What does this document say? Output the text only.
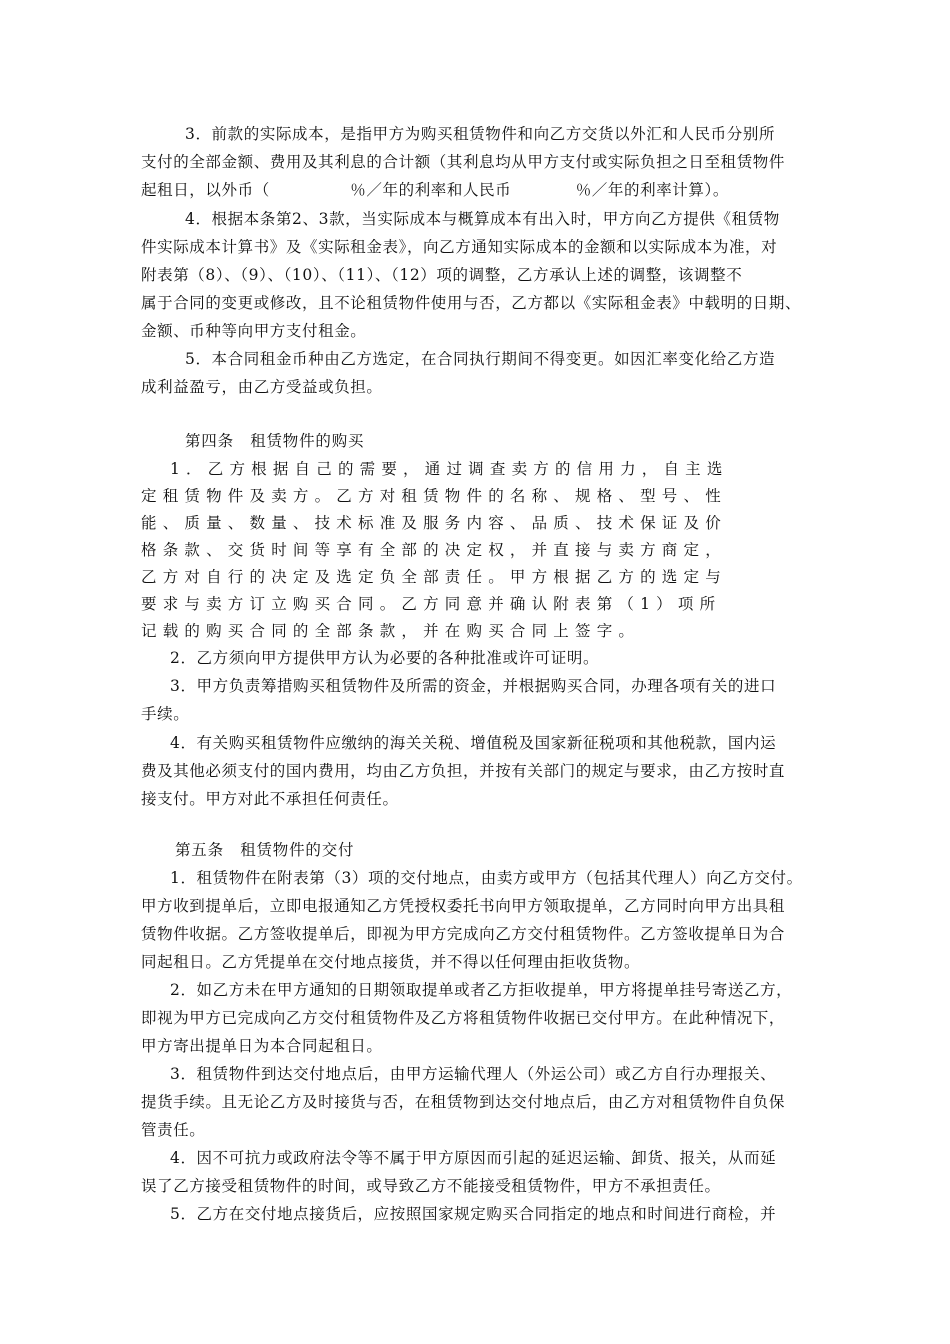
3．前款的实际成本，是指甲方为购买租赁物件和向乙方交货以外汇和人民币分别所
支付的全部金额、费用及其利息的合计额（其利息均从甲方支付或实际负担之日至租赁物件
起租日，以外币（　　　　　％／年的利率和人民币　　　　％／年的利率计算）。
4．根据本条第2、3款，当实际成本与概算成本有出入时，甲方向乙方提供《租赁物
件实际成本计算书》及《实际租金表》，向乙方通知实际成本的金额和以实际成本为准，对
附表第（8）、（9）、（10）、（11）、（12）项的调整，乙方承认上述的调整，该调整不
属于合同的变更或修改，且不论租赁物件使用与否，乙方都以《实际租金表》中载明的日期、
金额、币种等向甲方支付租金。
5．本合同租金币种由乙方选定，在合同执行期间不得变更。如因汇率变化给乙方造
成利益盈亏，由乙方受益或负担。
第四条　租赁物件的购买
1．乙方根据自己的需要，通过调查卖方的信用力，自主选
定租赁物件及卖方。乙方对租赁物件的名称、规格、型号、性
能、质量、数量、技术标准及服务内容、品质、技术保证及价
格条款、交货时间等享有全部的决定权，并直接与卖方商定，
乙方对自行的决定及选定负全部责任。甲方根据乙方的选定与
要求与卖方订立购买合同。乙方同意并确认附表第（1）项所
记载的购买合同的全部条款，并在购买合同上签字。
2．乙方须向甲方提供甲方认为必要的各种批准或许可证明。
3．甲方负责筹措购买租赁物件及所需的资金，并根据购买合同，办理各项有关的进口
手续。
4．有关购买租赁物件应缴纳的海关关税、增值税及国家新征税项和其他税款，国内运
费及其他必须支付的国内费用，均由乙方负担，并按有关部门的规定与要求，由乙方按时直
接支付。甲方对此不承担任何责任。
第五条　租赁物件的交付
1．租赁物件在附表第（3）项的交付地点，由卖方或甲方（包括其代理人）向乙方交付。
甲方收到提单后，立即电报通知乙方凭授权委托书向甲方领取提单，乙方同时向甲方出具租
赁物件收据。乙方签收提单后，即视为甲方完成向乙方交付租赁物件。乙方签收提单日为合
同起租日。乙方凭提单在交付地点接货，并不得以任何理由拒收货物。
2．如乙方未在甲方通知的日期领取提单或者乙方拒收提单，甲方将提单挂号寄送乙方，
即视为甲方已完成向乙方交付租赁物件及乙方将租赁物件收据已交付甲方。在此种情况下，
甲方寄出提单日为本合同起租日。
3．租赁物件到达交付地点后，由甲方运输代理人（外运公司）或乙方自行办理报关、
提货手续。且无论乙方及时接货与否，在租赁物到达交付地点后，由乙方对租赁物件自负保
管责任。
4．因不可抗力或政府法令等不属于甲方原因而引起的延迟运输、卸货、报关，从而延
误了乙方接受租赁物件的时间，或导致乙方不能接受租赁物件，甲方不承担责任。
5．乙方在交付地点接货后，应按照国家规定购买合同指定的地点和时间进行商检，并
